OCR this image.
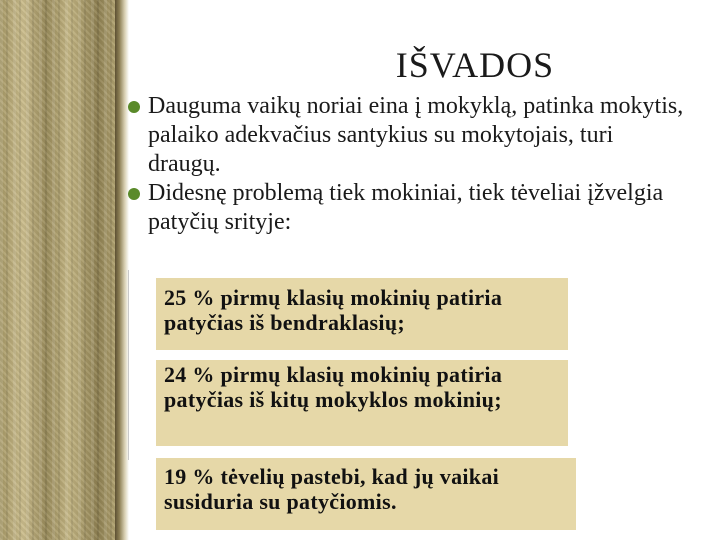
IŠVADOS
Dauguma vaikų noriai eina į mokyklą, patinka mokytis, palaiko adekvačius santykius su mokytojais, turi draugų.
Didesnę problemą tiek mokiniai, tiek tėveliai įžvelgia patyčių srityje:
25 % pirmų klasių mokinių patiria patyčias iš bendraklasių;
24 % pirmų klasių mokinių patiria patyčias iš kitų mokyklos mokinių;
19 % tėvelių pastebi, kad jų vaikai susiduria su patyčiomis.
